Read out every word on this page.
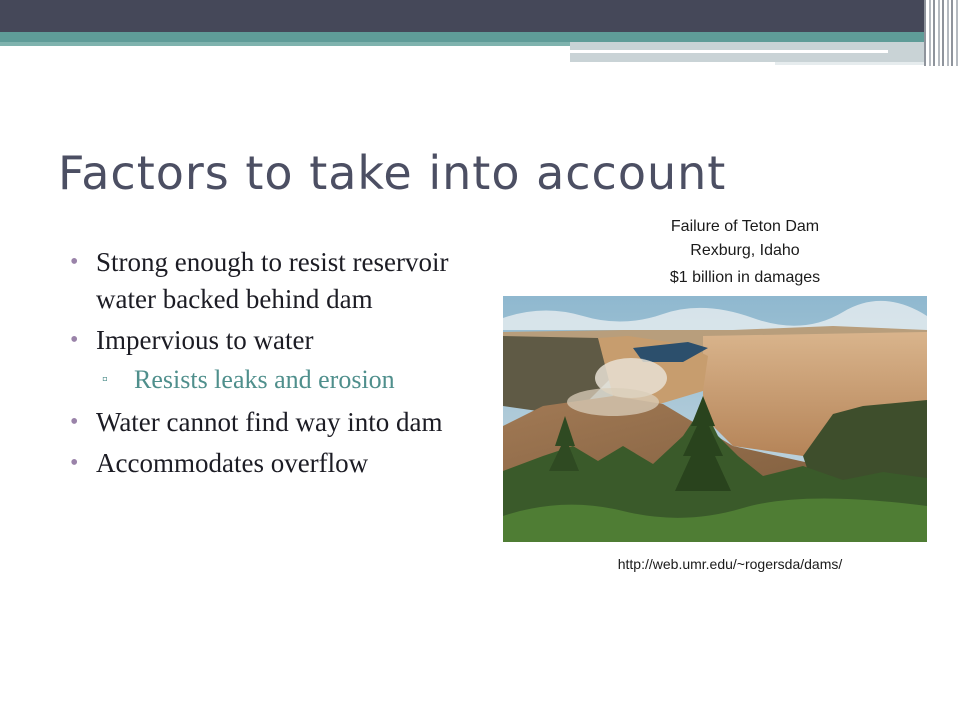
Factors to take into account
• Strong enough to resist reservoir water backed behind dam
• Impervious to water
▫ Resists leaks and erosion
• Water cannot find way into dam
• Accommodates overflow
Failure of Teton Dam
Rexburg, Idaho
$1 billion in damages
http://web.umr.edu/~rogersda/dams/
